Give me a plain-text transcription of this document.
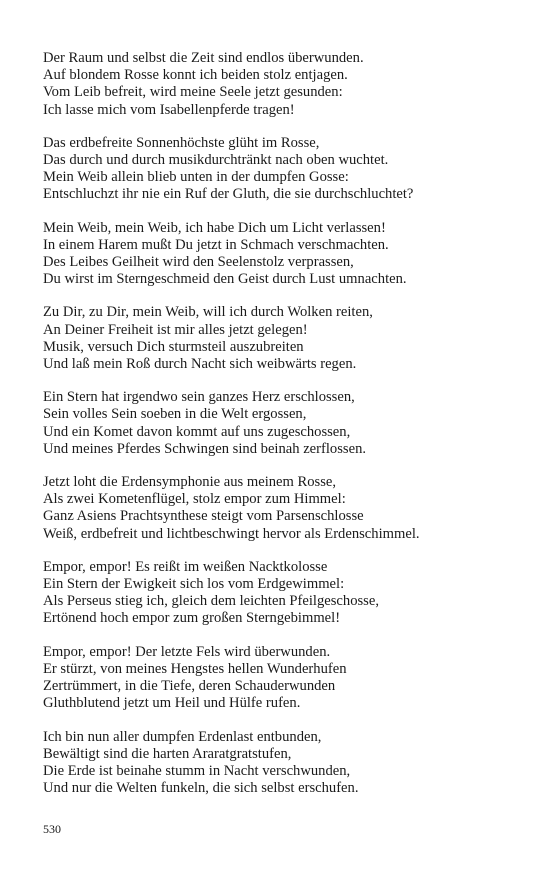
Der Raum und selbst die Zeit sind endlos überwunden.
Auf blondem Rosse konnt ich beiden stolz entjagen.
Vom Leib befreit, wird meine Seele jetzt gesunden:
Ich lasse mich vom Isabellenpferde tragen!
Das erdbefreite Sonnenhöchste glüht im Rosse,
Das durch und durch musikdurchtränkt nach oben wuchtet.
Mein Weib allein blieb unten in der dumpfen Gosse:
Entschluchzt ihr nie ein Ruf der Gluth, die sie durchschluchtet?
Mein Weib, mein Weib, ich habe Dich um Licht verlassen!
In einem Harem mußt Du jetzt in Schmach verschmachten.
Des Leibes Geilheit wird den Seelenstolz verprassen,
Du wirst im Sterngeschmeid den Geist durch Lust umnachten.
Zu Dir, zu Dir, mein Weib, will ich durch Wolken reiten,
An Deiner Freiheit ist mir alles jetzt gelegen!
Musik, versuch Dich sturmsteil auszubreiten
Und laß mein Roß durch Nacht sich weibwärts regen.
Ein Stern hat irgendwo sein ganzes Herz erschlossen,
Sein volles Sein soeben in die Welt ergossen,
Und ein Komet davon kommt auf uns zugeschossen,
Und meines Pferdes Schwingen sind beinah zerflossen.
Jetzt loht die Erdensymphonie aus meinem Rosse,
Als zwei Kometenflügel, stolz empor zum Himmel:
Ganz Asiens Prachtsynthese steigt vom Parsenschlosse
Weiß, erdbefreit und lichtbeschwingt hervor als Erdenschimmel.
Empor, empor! Es reißt im weißen Nacktkolosse
Ein Stern der Ewigkeit sich los vom Erdgewimmel:
Als Perseus stieg ich, gleich dem leichten Pfeilgeschosse,
Ertönend hoch empor zum großen Sterngebimmel!
Empor, empor! Der letzte Fels wird überwunden.
Er stürzt, von meines Hengstes hellen Wunderhufen
Zertrümmert, in die Tiefe, deren Schauderwunden
Gluthblutend jetzt um Heil und Hülfe rufen.
Ich bin nun aller dumpfen Erdenlast entbunden,
Bewältigt sind die harten Araratgratstufen,
Die Erde ist beinahe stumm in Nacht verschwunden,
Und nur die Welten funkeln, die sich selbst erschufen.
530
